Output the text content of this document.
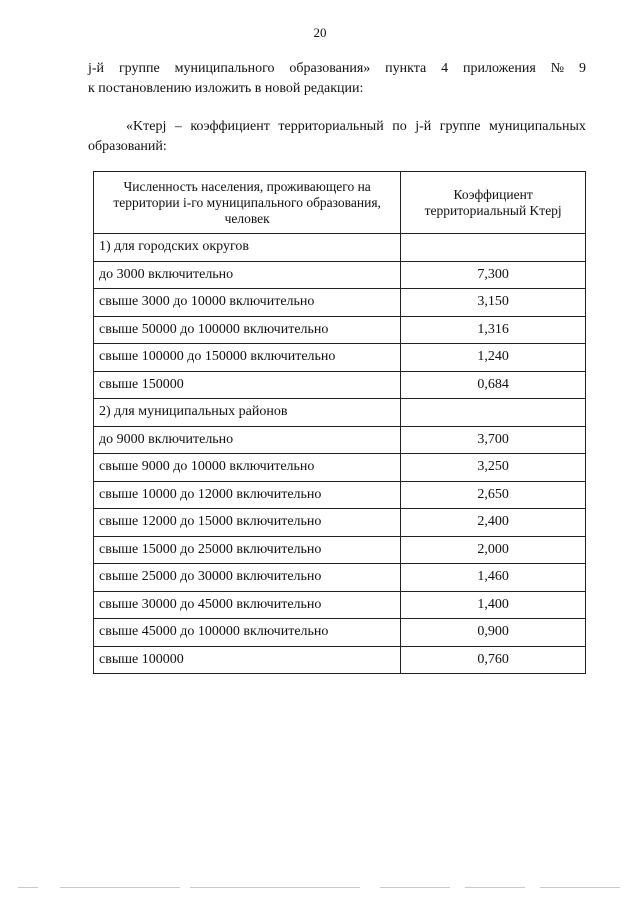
20
j-й группе муниципального образования» пункта 4 приложения № 9
к постановлению изложить в новой редакции:
«Kтерj – коэффициент территориальный по j-й группе муниципальных
образований:
Численность населения, проживающего на территории i-го муниципального образования, человек	Коэффициент территориальный Kтерj
1) для городских округов	
до 3000 включительно	7,300
свыше 3000 до 10000 включительно	3,150
свыше 50000 до 100000 включительно	1,316
свыше 100000 до 150000 включительно	1,240
свыше 150000	0,684
2) для муниципальных районов	
до 9000 включительно	3,700
свыше 9000 до 10000 включительно	3,250
свыше 10000 до 12000 включительно	2,650
свыше 12000 до 15000 включительно	2,400
свыше 15000 до 25000 включительно	2,000
свыше 25000 до 30000 включительно	1,460
свыше 30000 до 45000 включительно	1,400
свыше 45000 до 100000 включительно	0,900
свыше 100000	0,760
